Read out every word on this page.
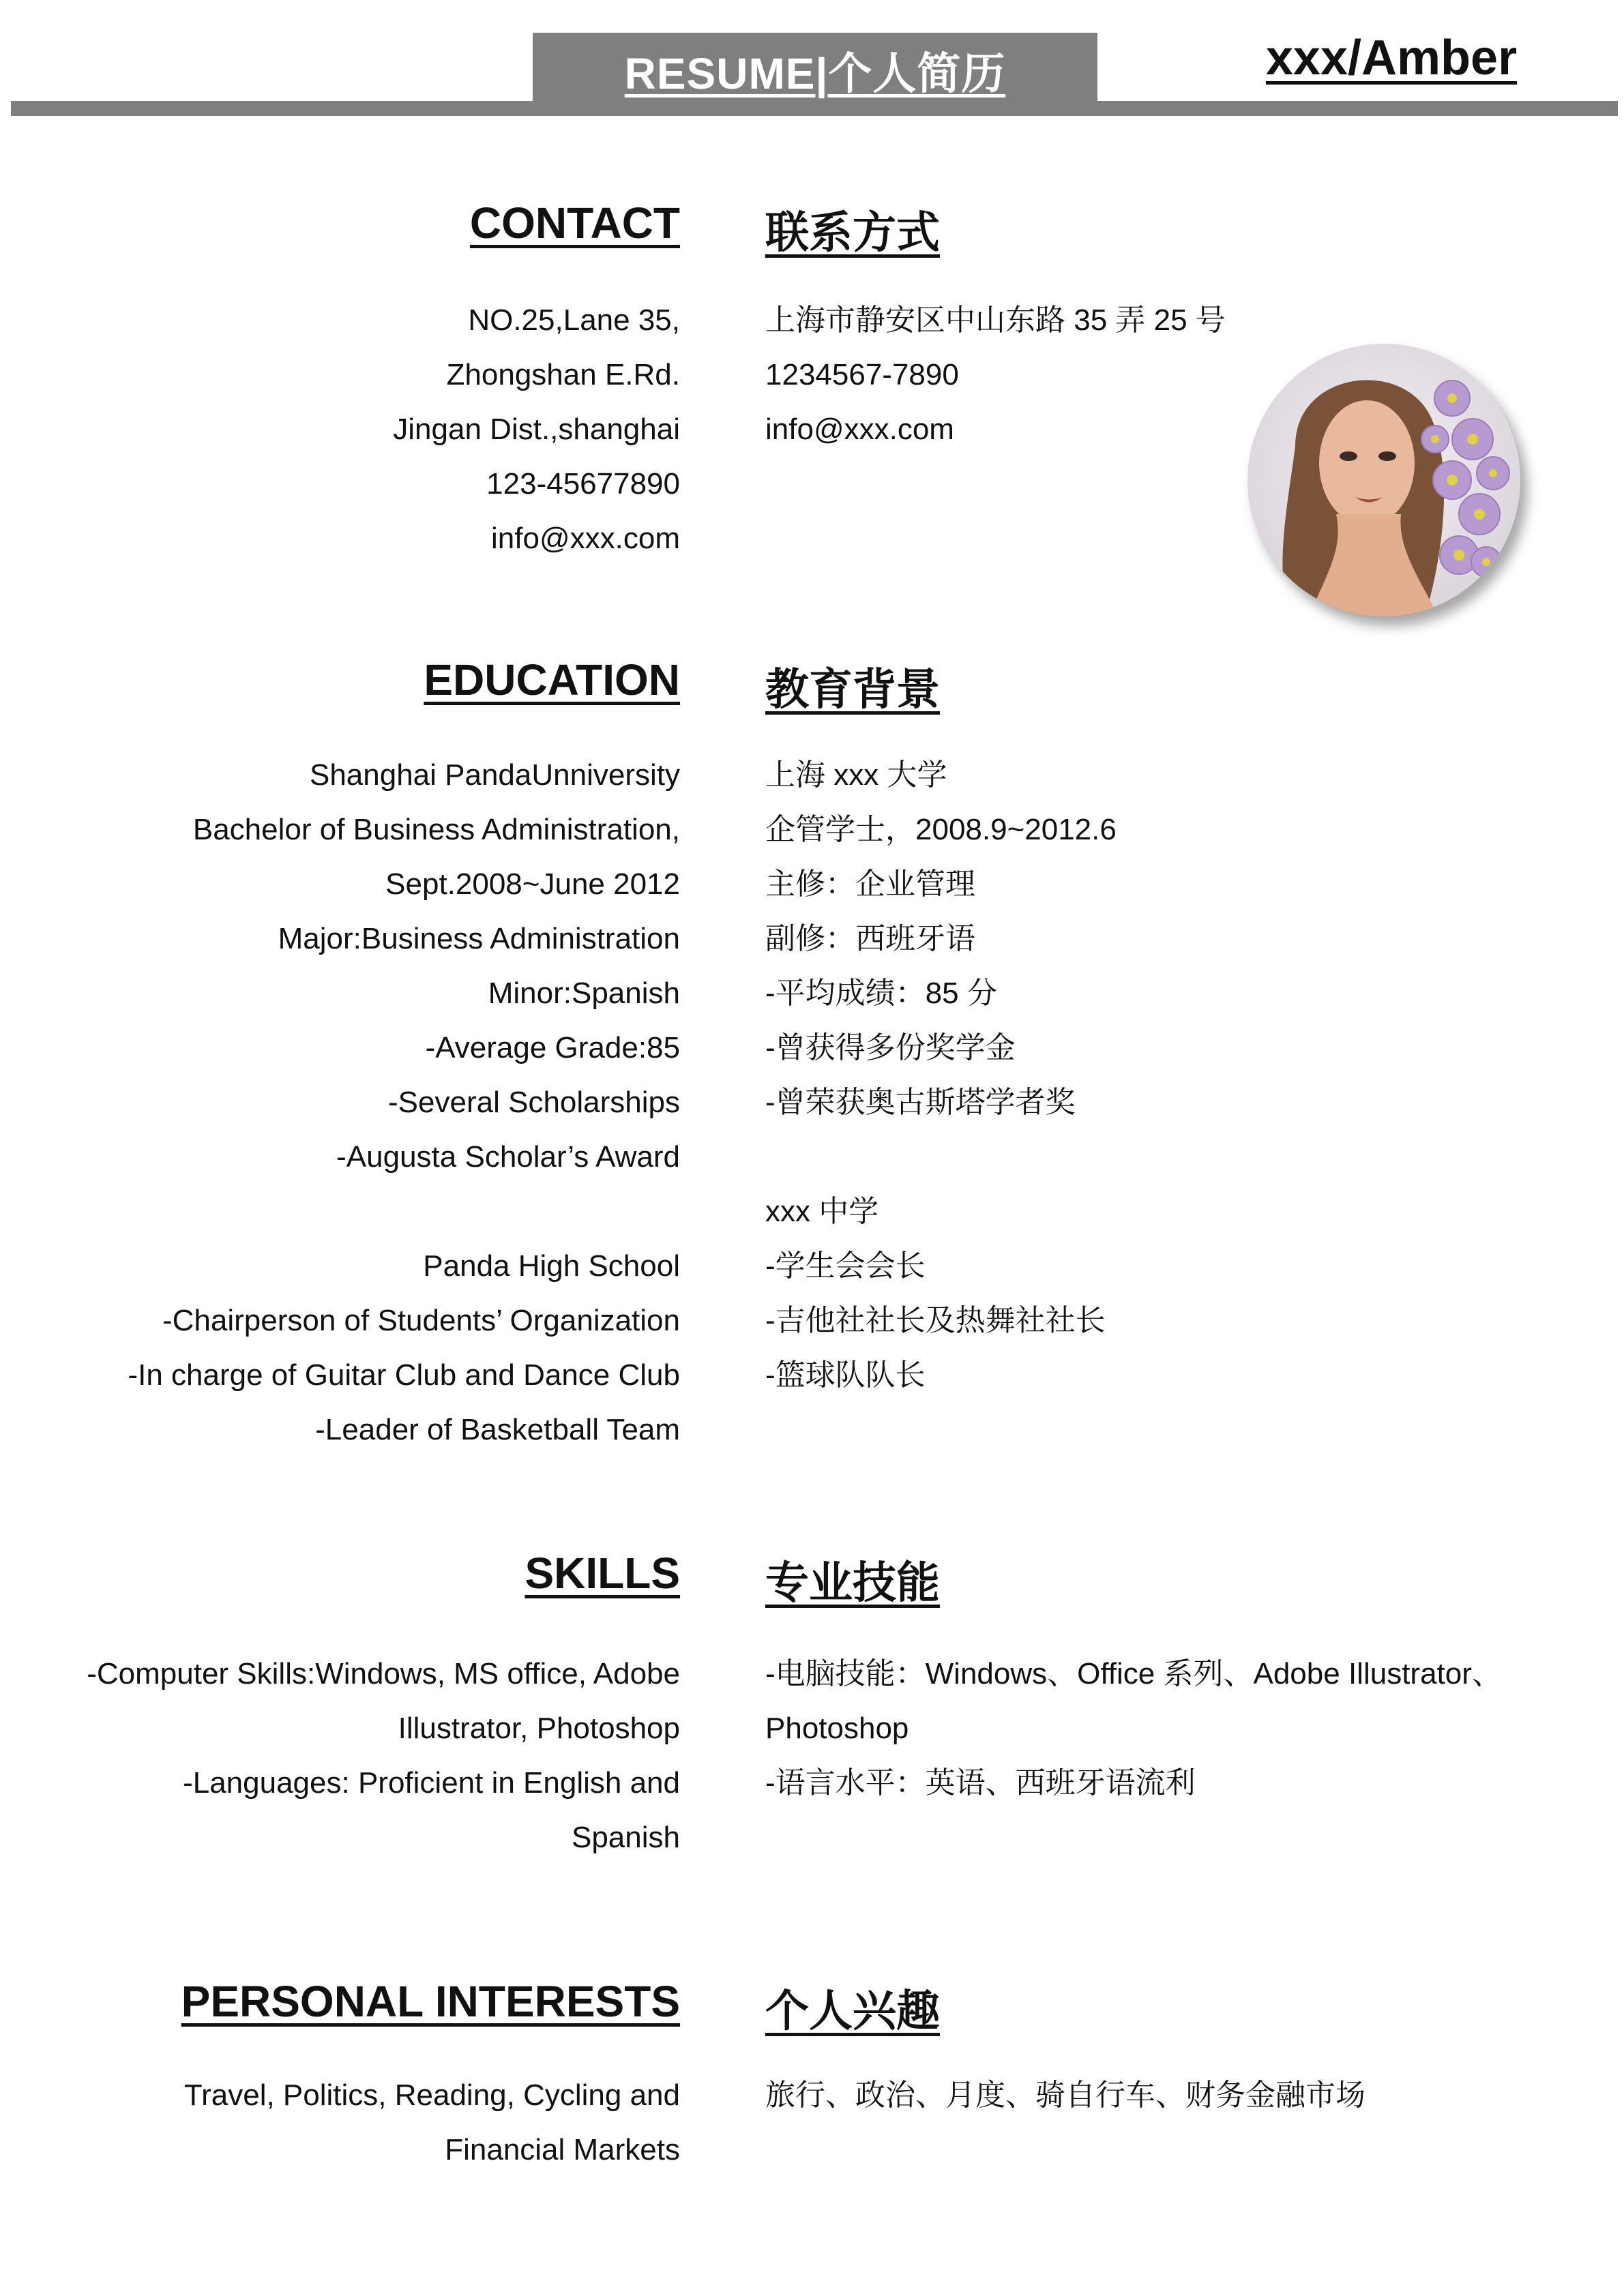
RESUME|个人简历	xxx/Amber
CONTACT 联系方式
NO.25,Lane 35,
Zhongshan E.Rd.
Jingan Dist.,shanghai
123-45677890
info@xxx.com
上海市静安区中山东路 35 弄 25 号
1234567-7890
info@xxx.com
EDUCATION 教育背景
Shanghai PandaUnniversity
Bachelor of Business Administration,
Sept.2008~June 2012
Major:Business Administration
Minor:Spanish
-Average Grade:85
-Several Scholarships
-Augusta Scholar’s Award
Panda High School
-Chairperson of Students’ Organization
-In charge of Guitar Club and Dance Club
-Leader of Basketball Team
上海 xxx 大学
企管学士，2008.9~2012.6
主修：企业管理
副修：西班牙语
-平均成绩：85 分
-曾获得多份奖学金
-曾荣获奥古斯塔学者奖
xxx 中学
-学生会会长
-吉他社社长及热舞社社长
-篮球队队长
SKILLS 专业技能
-Computer Skills:Windows, MS office, Adobe
Illustrator, Photoshop
-Languages: Proficient in English and
Spanish
-电脑技能：Windows、Office 系列、Adobe Illustrator、
Photoshop
-语言水平：英语、西班牙语流利
PERSONAL INTERESTS 个人兴趣
Travel, Politics, Reading, Cycling and
Financial Markets
旅行、政治、月度、骑自行车、财务金融市场
